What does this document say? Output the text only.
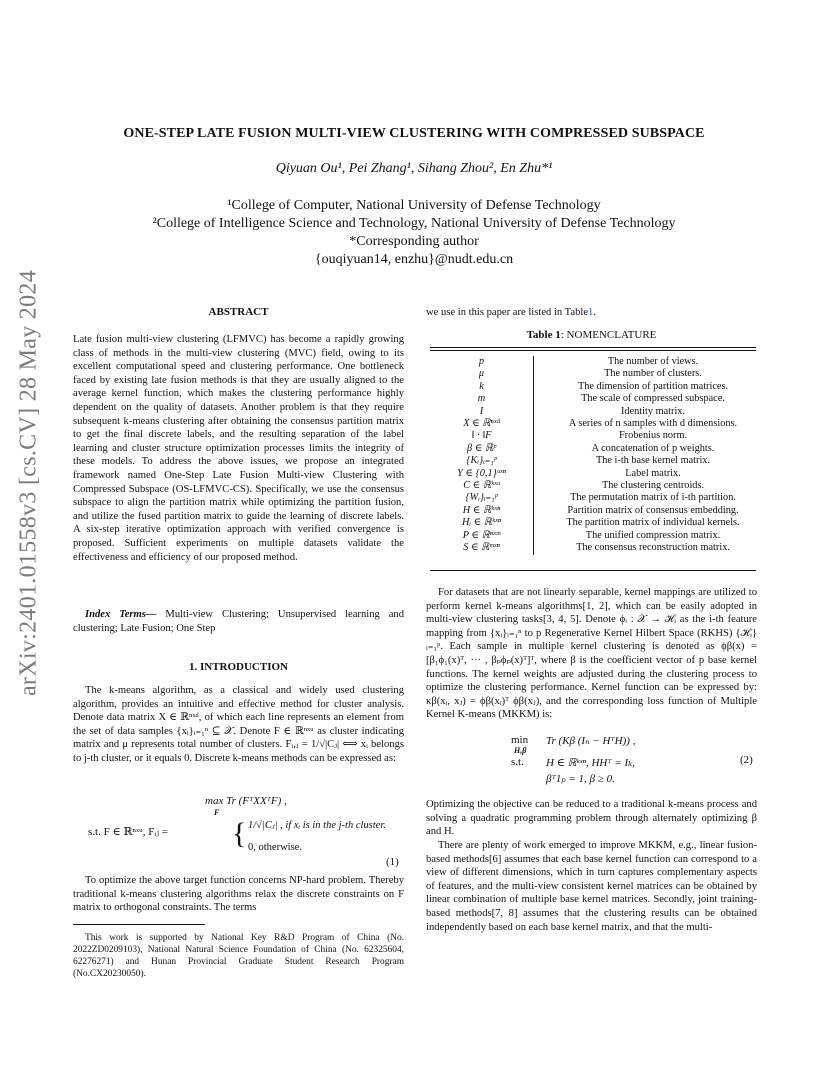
arXiv:2401.01558v3 [cs.CV] 28 May 2024
ONE-STEP LATE FUSION MULTI-VIEW CLUSTERING WITH COMPRESSED SUBSPACE
Qiyuan Ou¹, Pei Zhang¹, Sihang Zhou², En Zhu*¹
¹College of Computer, National University of Defense Technology
²College of Intelligence Science and Technology, National University of Defense Technology
*Corresponding author
{ouqiyuan14, enzhu}@nudt.edu.cn
ABSTRACT
Late fusion multi-view clustering (LFMVC) has become a rapidly growing class of methods in the multi-view clustering (MVC) field, owing to its excellent computational speed and clustering performance. One bottleneck faced by existing late fusion methods is that they are usually aligned to the average kernel function, which makes the clustering performance highly dependent on the quality of datasets. Another problem is that they require subsequent k-means clustering after obtaining the consensus partition matrix to get the final discrete labels, and the resulting separation of the label learning and cluster structure optimization processes limits the integrity of these models. To address the above issues, we propose an integrated framework named One-Step Late Fusion Multi-view Clustering with Compressed Subspace (OS-LFMVC-CS). Specifically, we use the consensus subspace to align the partition matrix while optimizing the partition fusion, and utilize the fused partition matrix to guide the learning of discrete labels. A six-step iterative optimization approach with verified convergence is proposed. Sufficient experiments on multiple datasets validate the effectiveness and efficiency of our proposed method.
Index Terms— Multi-view Clustering; Unsupervised learning and clustering; Late Fusion; One Step
1. INTRODUCTION
The k-means algorithm, as a classical and widely used clustering algorithm, provides an intuitive and effective method for cluster analysis. Denote data matrix X ∈ ℝⁿˣᵈ, of which each line represents an element from the set of data samples {xᵢ}ᵢ₌₁ⁿ ⊆ 𝒳. Denote F ∈ ℝⁿˣᵘ as cluster indicating matrix and μ represents total number of clusters. Fᵢ,ⱼ = 1/√|Cⱼ| ⟺ xᵢ belongs to j-th cluster, or it equals 0. Discrete k-means methods can be expressed as:
max Tr (FᵀXXᵀF) ,
F
s.t. F ∈ ℝⁿˣᵘ, Fᵢⱼ = { 1/√|Cⱼ| , if xᵢ is in the j-th cluster.
0, otherwise.
(1)
To optimize the above target function concerns NP-hard problem. Thereby traditional k-means clustering algorithms relax the discrete constraints on F matrix to orthogonal constraints. The terms
This work is supported by National Key R&D Program of China (No. 2022ZD0209103), National Natural Science Foundation of China (No. 62325604, 62276271) and Hunan Provincial Graduate Student Research Program (No.CX20230050).
we use in this paper are listed in Table1.
Table 1: NOMENCLATURE
p	The number of views.
μ	The number of clusters.
k	The dimension of partition matrices.
m	The scale of compressed subspace.
I	Identity matrix.
X ∈ ℝⁿˣᵈ	A series of n samples with d dimensions.
‖ · ‖F	Frobenius norm.
β ∈ ℝᵖ	A concatenation of p weights.
{Kᵢ}ᵢ₌₁ᵖ	The i-th base kernel matrix.
Y ∈ {0,1}ᵘˣⁿ	Label matrix.
C ∈ ℝᵏˣᵘ	The clustering centroids.
{Wᵢ}ᵢ₌₁ᵖ	The permutation matrix of i-th partition.
H ∈ ℝᵏˣⁿ	Partition matrix of consensus embedding.
Hᵢ ∈ ℝᵏˣⁿ	The partition matrix of individual kernels.
P ∈ ℝⁿˣᵐ	The unified compression matrix.
S ∈ ℝᵐˣⁿ	The consensus reconstruction matrix.
For datasets that are not linearly separable, kernel mappings are utilized to perform kernel k-means algorithms[1, 2], which can be easily adopted in multi-view clustering tasks[3, 4, 5]. Denote ϕᵢ : 𝒳 → ℋᵢ as the i-th feature mapping from {xᵢ}ᵢ₌₁ⁿ to p Regenerative Kernel Hilbert Space (RKHS) {ℋᵢ}ᵢ₌₁ᵖ. Each sample in multiple kernel clustering is denoted as ϕβ(x) = [β₁ϕ₁(x)ᵀ, ··· , βₚϕₚ(x)ᵀ]ᵀ, where β is the coefficient vector of p base kernel functions. The kernel weights are adjusted during the clustering process to optimize the clustering performance. Kernel function can be expressed by: κβ(xᵢ, xⱼ) = ϕβ(xᵢ)ᵀ ϕβ(xⱼ), and the corresponding loss function of Multiple Kernel K-means (MKKM) is:
min
H,β
Tr (Kβ (Iₙ − HᵀH)) ,
s.t. H ∈ ℝᵏˣⁿ, HHᵀ = Iₖ,
βᵀ1ₚ = 1, β ≥ 0.
(2)
Optimizing the objective can be reduced to a traditional k-means process and solving a quadratic programming problem through alternately optimizing β and H.
There are plenty of work emerged to improve MKKM, e.g., linear fusion-based methods[6] assumes that each base kernel function can correspond to a view of different dimensions, which in turn captures complementary aspects of features, and the multi-view consistent kernel matrices can be obtained by linear combination of multiple base kernel matrices. Secondly, joint training-based methods[7, 8] assumes that the clustering results can be obtained independently based on each base kernel matrix, and that the multi-
